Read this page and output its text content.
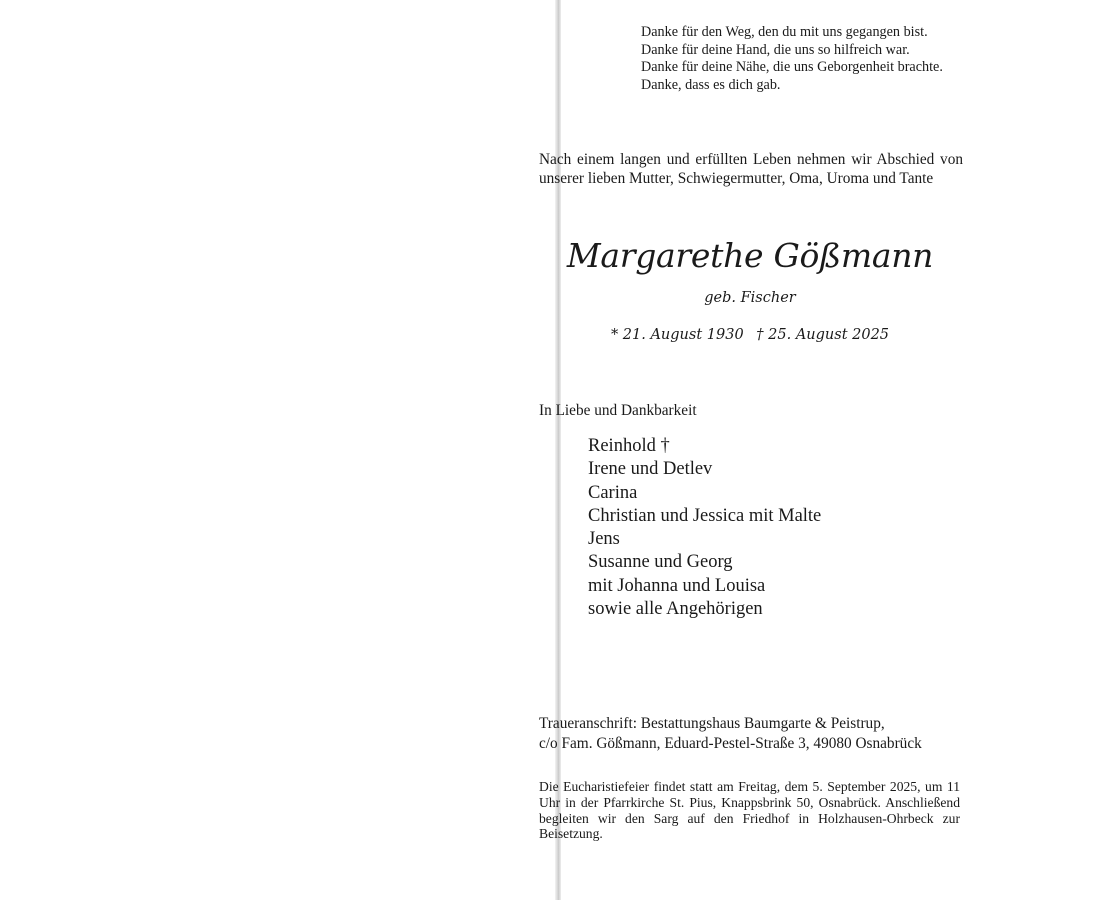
Danke für den Weg, den du mit uns gegangen bist.
Danke für deine Hand, die uns so hilfreich war.
Danke für deine Nähe, die uns Geborgenheit brachte.
Danke, dass es dich gab.
Nach einem langen und erfüllten Leben nehmen wir Abschied von unserer lieben Mutter, Schwiegermutter, Oma, Uroma und Tante
Margarethe Gößmann
geb. Fischer
* 21. August 1930 † 25. August 2025
In Liebe und Dankbarkeit
Reinhold †
Irene und Detlev
Carina
Christian und Jessica mit Malte
Jens
Susanne und Georg
mit Johanna und Louisa
sowie alle Angehörigen
Traueranschrift: Bestattungshaus Baumgarte & Peistrup,
c/o Fam. Gößmann, Eduard-Pestel-Straße 3, 49080 Osnabrück
Die Eucharistiefeier findet statt am Freitag, dem 5. September 2025, um 11 Uhr in der Pfarrkirche St. Pius, Knappsbrink 50, Osnabrück. Anschließend begleiten wir den Sarg auf den Friedhof in Holzhausen-Ohrbeck zur Beisetzung.
